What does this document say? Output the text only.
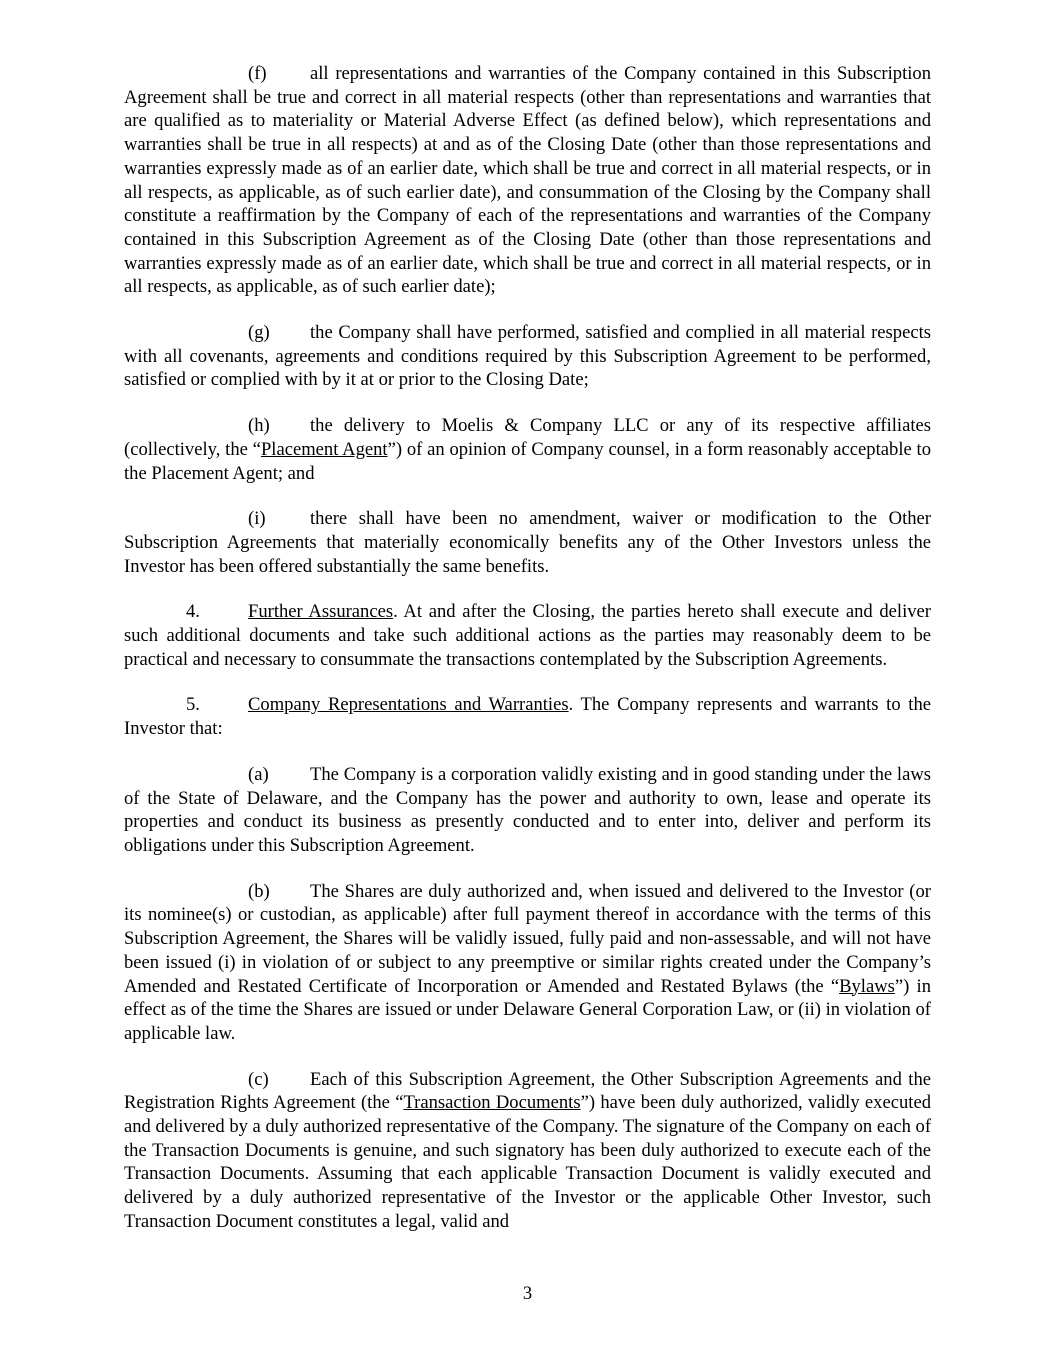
(f) all representations and warranties of the Company contained in this Subscription Agreement shall be true and correct in all material respects (other than representations and warranties that are qualified as to materiality or Material Adverse Effect (as defined below), which representations and warranties shall be true in all respects) at and as of the Closing Date (other than those representations and warranties expressly made as of an earlier date, which shall be true and correct in all material respects, or in all respects, as applicable, as of such earlier date), and consummation of the Closing by the Company shall constitute a reaffirmation by the Company of each of the representations and warranties of the Company contained in this Subscription Agreement as of the Closing Date (other than those representations and warranties expressly made as of an earlier date, which shall be true and correct in all material respects, or in all respects, as applicable, as of such earlier date);

(g) the Company shall have performed, satisfied and complied in all material respects with all covenants, agreements and conditions required by this Subscription Agreement to be performed, satisfied or complied with by it at or prior to the Closing Date;

(h) the delivery to Moelis & Company LLC or any of its respective affiliates (collectively, the “Placement Agent”) of an opinion of Company counsel, in a form reasonably acceptable to the Placement Agent; and

(i) there shall have been no amendment, waiver or modification to the Other Subscription Agreements that materially economically benefits any of the Other Investors unless the Investor has been offered substantially the same benefits.

4.	Further Assurances. At and after the Closing, the parties hereto shall execute and deliver such additional documents and take such additional actions as the parties may reasonably deem to be practical and necessary to consummate the transactions contemplated by the Subscription Agreements.

5.	Company Representations and Warranties. The Company represents and warrants to the Investor that:

(a) The Company is a corporation validly existing and in good standing under the laws of the State of Delaware, and the Company has the power and authority to own, lease and operate its properties and conduct its business as presently conducted and to enter into, deliver and perform its obligations under this Subscription Agreement.

(b) The Shares are duly authorized and, when issued and delivered to the Investor (or its nominee(s) or custodian, as applicable) after full payment thereof in accordance with the terms of this Subscription Agreement, the Shares will be validly issued, fully paid and non-assessable, and will not have been issued (i) in violation of or subject to any preemptive or similar rights created under the Company’s Amended and Restated Certificate of Incorporation or Amended and Restated Bylaws (the “Bylaws”) in effect as of the time the Shares are issued or under Delaware General Corporation Law, or (ii) in violation of applicable law.

(c) Each of this Subscription Agreement, the Other Subscription Agreements and the Registration Rights Agreement (the “Transaction Documents”) have been duly authorized, validly executed and delivered by a duly authorized representative of the Company. The signature of the Company on each of the Transaction Documents is genuine, and such signatory has been duly authorized to execute each of the Transaction Documents. Assuming that each applicable Transaction Document is validly executed and delivered by a duly authorized representative of the Investor or the applicable Other Investor, such Transaction Document constitutes a legal, valid and

3
